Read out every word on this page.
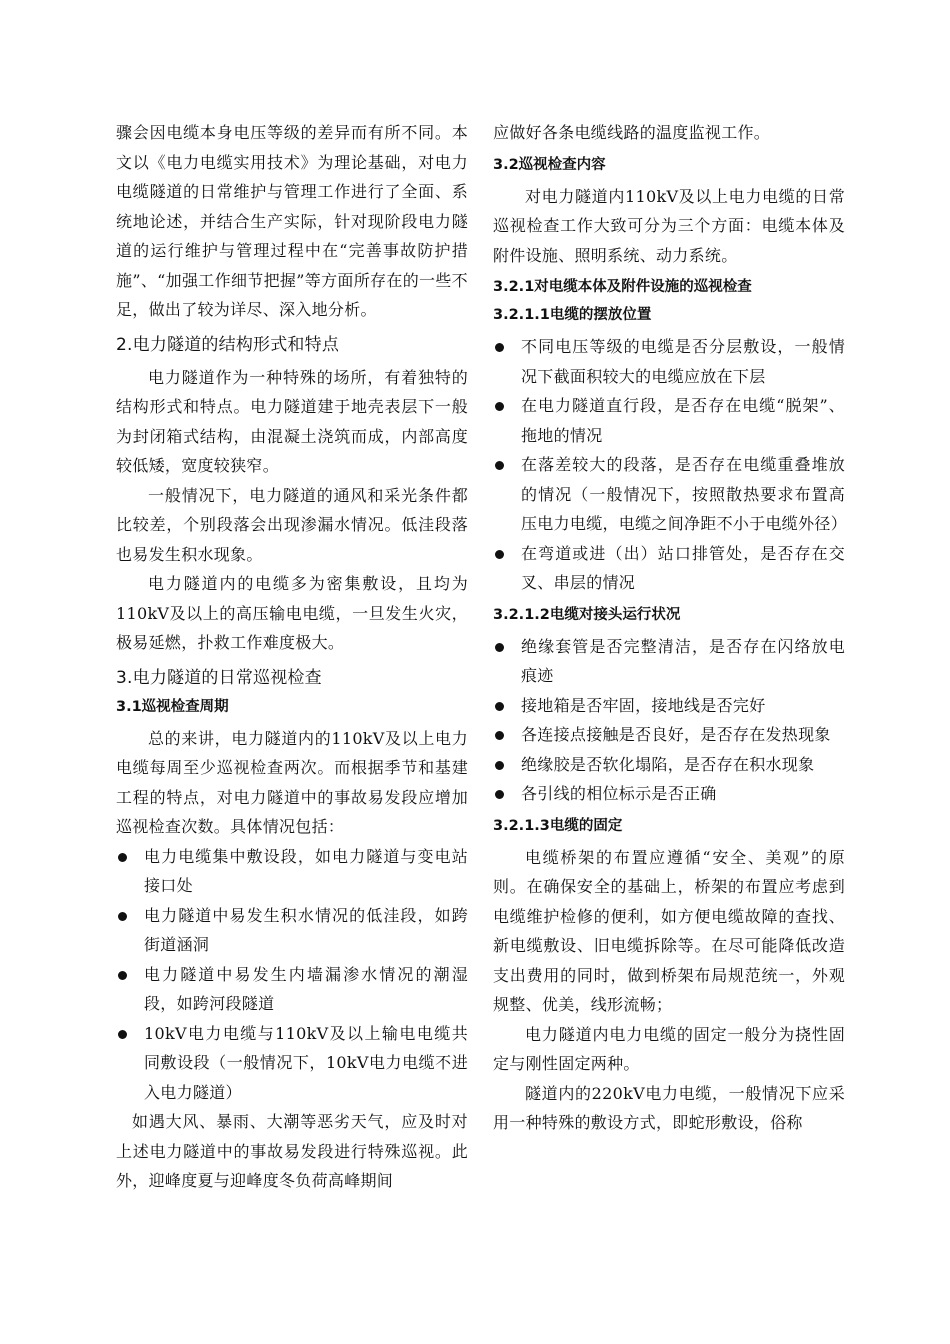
骤会因电缆本身电压等级的差异而有所不同。本文以《电力电缆实用技术》为理论基础，对电力电缆隧道的日常维护与管理工作进行了全面、系统地论述，并结合生产实际，针对现阶段电力隧道的运行维护与管理过程中在“完善事故防护措施”、“加强工作细节把握”等方面所存在的一些不足，做出了较为详尽、深入地分析。

2.电力隧道的结构形式和特点

电力隧道作为一种特殊的场所，有着独特的结构形式和特点。电力隧道建于地壳表层下一般为封闭箱式结构，由混凝土浇筑而成，内部高度较低矮，宽度较狭窄。

一般情况下，电力隧道的通风和采光条件都比较差，个别段落会出现渗漏水情况。低洼段落也易发生积水现象。

电力隧道内的电缆多为密集敷设，且均为110kV及以上的高压输电电缆，一旦发生火灾，极易延燃，扑救工作难度极大。

3.电力隧道的日常巡视检查
3.1巡视检查周期

总的来讲，电力隧道内的110kV及以上电力电缆每周至少巡视检查两次。而根据季节和基建工程的特点，对电力隧道中的事故易发段应增加巡视检查次数。具体情况包括：

电力电缆集中敷设段，如电力隧道与变电站接口处
电力隧道中易发生积水情况的低洼段，如跨街道涵洞
电力隧道中易发生内墙漏渗水情况的潮湿段，如跨河段隧道
10kV电力电缆与110kV及以上输电电缆共同敷设段（一般情况下，10kV电力电缆不进入电力隧道）

如遇大风、暴雨、大潮等恶劣天气，应及时对上述电力隧道中的事故易发段进行特殊巡视。此外，迎峰度夏与迎峰度冬负荷高峰期间

应做好各条电缆线路的温度监视工作。

3.2巡视检查内容

对电力隧道内110kV及以上电力电缆的日常巡视检查工作大致可分为三个方面：电缆本体及附件设施、照明系统、动力系统。

3.2.1对电缆本体及附件设施的巡视检查
3.2.1.1电缆的摆放位置
不同电压等级的电缆是否分层敷设，一般情况下截面积较大的电缆应放在下层
在电力隧道直行段，是否存在电缆“脱架”、拖地的情况
在落差较大的段落，是否存在电缆重叠堆放的情况（一般情况下，按照散热要求布置高压电力电缆，电缆之间净距不小于电缆外径）
在弯道或进（出）站口排管处，是否存在交叉、串层的情况
3.2.1.2电缆对接头运行状况
绝缘套管是否完整清洁，是否存在闪络放电痕迹
接地箱是否牢固，接地线是否完好
各连接点接触是否良好，是否存在发热现象
绝缘胶是否软化塌陷，是否存在积水现象
各引线的相位标示是否正确
3.2.1.3电缆的固定

电缆桥架的布置应遵循“安全、美观”的原则。在确保安全的基础上，桥架的布置应考虑到电缆维护检修的便利，如方便电缆故障的查找、新电缆敷设、旧电缆拆除等。在尽可能降低改造支出费用的同时，做到桥架布局规范统一，外观规整、优美，线形流畅；

电力隧道内电力电缆的固定一般分为挠性固定与刚性固定两种。

隧道内的220kV电力电缆，一般情况下应采用一种特殊的敷设方式，即蛇形敷设，俗称
